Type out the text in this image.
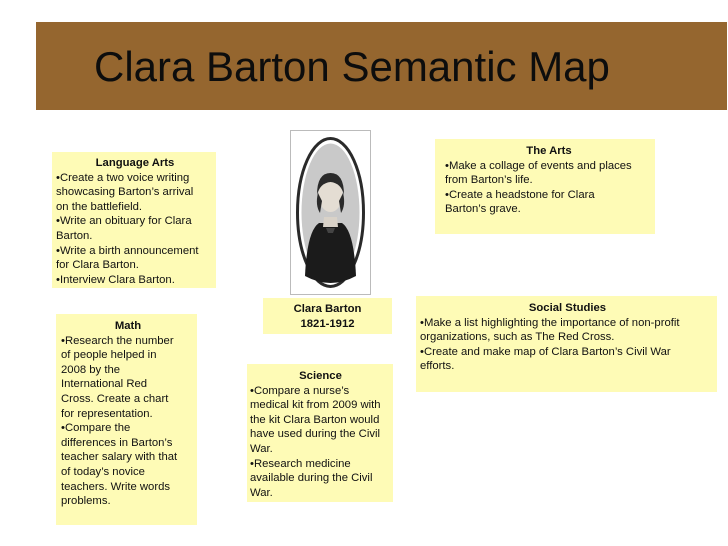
Clara Barton Semantic Map
Language Arts
•Create a two voice writing
showcasing Barton’s arrival
on the battlefield.
•Write an obituary for Clara
Barton.
•Write a birth announcement
for Clara Barton.
•Interview Clara Barton.
Clara Barton
1821-1912
The Arts
•Make a collage of events and places
from Barton’s life.
•Create a headstone for Clara
Barton’s grave.
Social Studies
•Make a list highlighting the importance of non-profit
organizations, such as The Red Cross.
•Create and make map of Clara Barton’s Civil War
efforts.
Math
•Research the number
of people helped in
2008 by the
International Red
Cross. Create a chart
for representation.
•Compare the
differences in Barton’s
teacher salary with that
of today’s novice
teachers. Write words
problems.
Science
•Compare a nurse’s
medical kit from 2009 with
the kit Clara Barton would
have used during the Civil
War.
•Research medicine
available during the Civil
War.
